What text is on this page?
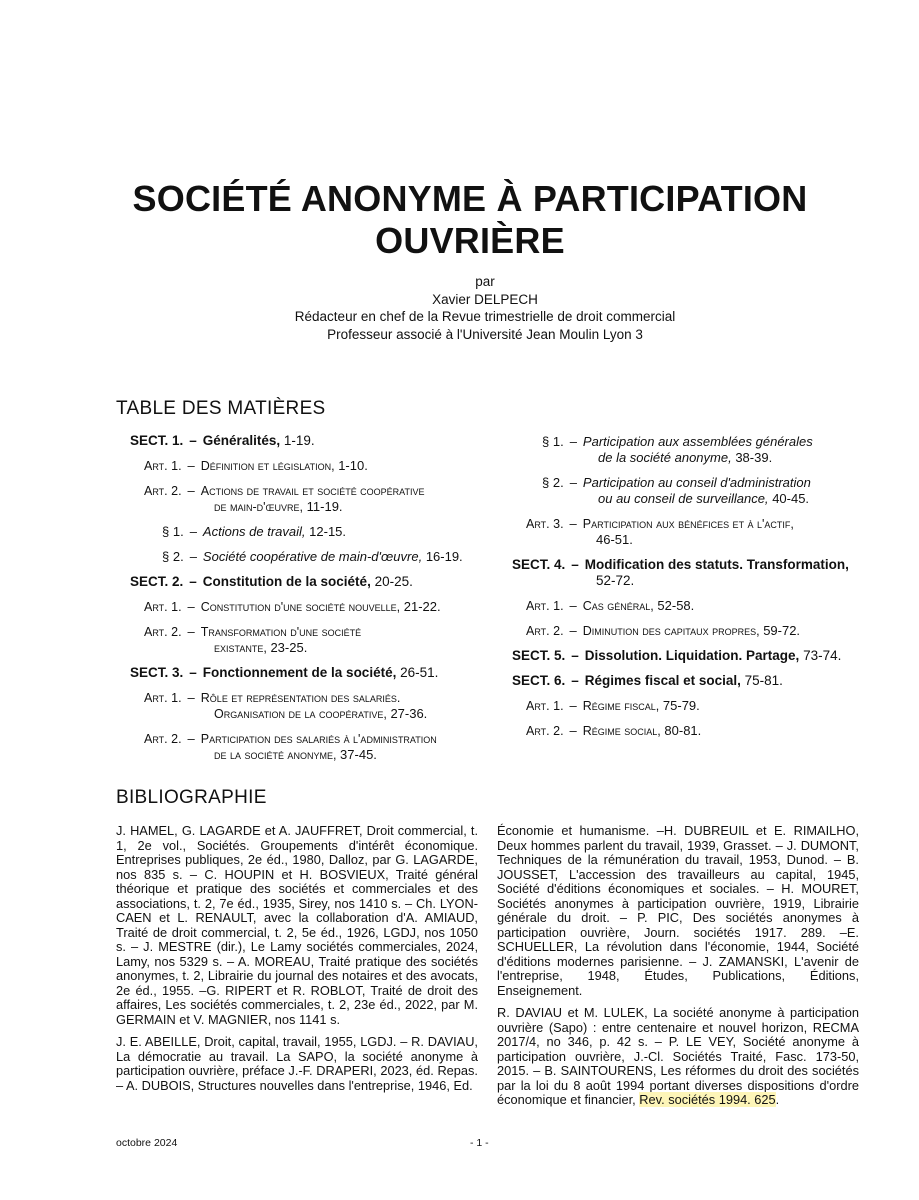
SOCIÉTÉ ANONYME À PARTICIPATION
OUVRIÈRE
par
Xavier DELPECH
Rédacteur en chef de la Revue trimestrielle de droit commercial
Professeur associé à l'Université Jean Moulin Lyon 3
TABLE DES MATIÈRES
SECT. 1. – Généralités, 1-19.
Art. 1. – Définition et législation, 1-10.
Art. 2. – Actions de travail et société coopérative
de main-d'œuvre, 11-19.
§ 1. – Actions de travail, 12-15.
§ 2. – Société coopérative de main-d'œuvre, 16-19.
SECT. 2. – Constitution de la société, 20-25.
Art. 1. – Constitution d'une société nouvelle, 21-22.
Art. 2. – Transformation d'une société
existante, 23-25.
SECT. 3. – Fonctionnement de la société, 26-51.
Art. 1. – Rôle et représentation des salariés.
Organisation de la coopérative, 27-36.
Art. 2. – Participation des salariés à l'administration
de la société anonyme, 37-45.
§ 1. – Participation aux assemblées générales
de la société anonyme, 38-39.
§ 2. – Participation au conseil d'administration
ou au conseil de surveillance, 40-45.
Art. 3. – Participation aux bénéfices et à l'actif,
46-51.
SECT. 4. – Modification des statuts. Transformation,
52-72.
Art. 1. – Cas général, 52-58.
Art. 2. – Diminution des capitaux propres, 59-72.
SECT. 5. – Dissolution. Liquidation. Partage, 73-74.
SECT. 6. – Régimes fiscal et social, 75-81.
Art. 1. – Régime fiscal, 75-79.
Art. 2. – Régime social, 80-81.
BIBLIOGRAPHIE

J. HAMEL, G. LAGARDE et A. JAUFFRET, Droit commercial, t. 1, 2e vol., Sociétés. Groupements d'intérêt économique. Entreprises publiques, 2e éd., 1980, Dalloz, par G. LAGARDE, nos 835 s. – C. HOUPIN et H. BOSVIEUX, Traité général théorique et pratique des sociétés et commerciales et des associations, t. 2, 7e éd., 1935, Sirey, nos 1410 s. – Ch. LYON-CAEN et L. RENAULT, avec la collaboration d'A. AMIAUD, Traité de droit commercial, t. 2, 5e éd., 1926, LGDJ, nos 1050 s. – J. MESTRE (dir.), Le Lamy sociétés commerciales, 2024, Lamy, nos 5329 s. – A. MOREAU, Traité pratique des sociétés anonymes, t. 2, Librairie du journal des notaires et des avocats, 2e éd., 1955. –G. RIPERT et R. ROBLOT, Traité de droit des affaires, Les sociétés commerciales, t. 2, 23e éd., 2022, par M. GERMAIN et V. MAGNIER, nos 1141 s.

J. E. ABEILLE, Droit, capital, travail, 1955, LGDJ. – R. DAVIAU, La démocratie au travail. La SAPO, la société anonyme à participation ouvrière, préface J.-F. DRAPERI, 2023, éd. Repas. – A. DUBOIS, Structures nouvelles dans l'entreprise, 1946, Ed.

Économie et humanisme. –H. DUBREUIL et E. RIMAILHO, Deux hommes parlent du travail, 1939, Grasset. – J. DUMONT, Techniques de la rémunération du travail, 1953, Dunod. – B. JOUSSET, L'accession des travailleurs au capital, 1945, Société d'éditions économiques et sociales. – H. MOURET, Sociétés anonymes à participation ouvrière, 1919, Librairie générale du droit. – P. PIC, Des sociétés anonymes à participation ouvrière, Journ. sociétés 1917. 289. –E. SCHUELLER, La révolution dans l'économie, 1944, Société d'éditions modernes parisienne. – J. ZAMANSKI, L'avenir de l'entreprise, 1948, Études, Publications, Éditions, Enseignement.

R. DAVIAU et M. LULEK, La société anonyme à participation ouvrière (Sapo) : entre centenaire et nouvel horizon, RECMA 2017/4, no 346, p. 42 s. – P. LE VEY, Société anonyme à participation ouvrière, J.-Cl. Sociétés Traité, Fasc. 173-50, 2015. – B. SAINTOURENS, Les réformes du droit des sociétés par la loi du 8 août 1994 portant diverses dispositions d'ordre économique et financier, Rev. sociétés 1994. 625.

octobre 2024	- 1 -
